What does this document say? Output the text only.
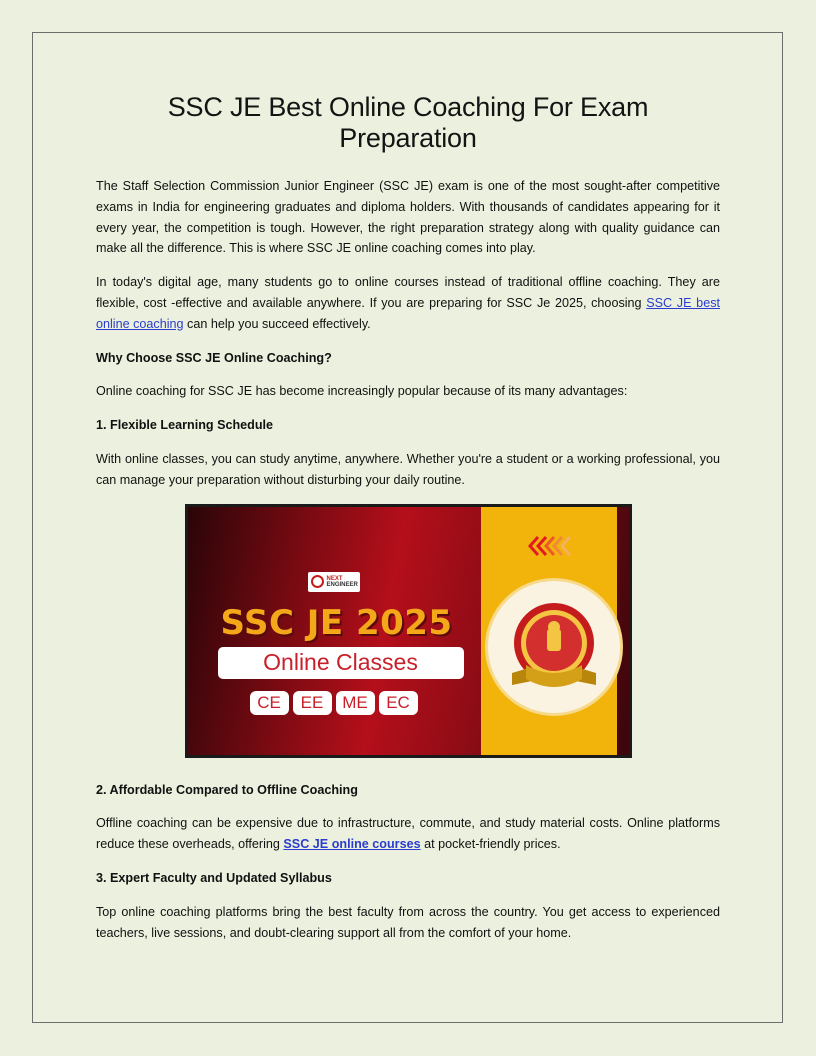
SSC JE Best Online Coaching For Exam Preparation

The Staff Selection Commission Junior Engineer (SSC JE) exam is one of the most sought-after competitive exams in India for engineering graduates and diploma holders. With thousands of candidates appearing for it every year, the competition is tough. However, the right preparation strategy along with quality guidance can make all the difference. This is where SSC JE online coaching comes into play.

In today's digital age, many students go to online courses instead of traditional offline coaching. They are flexible, cost -effective and available anywhere. If you are preparing for SSC Je 2025, choosing SSC JE best online coaching can help you succeed effectively.

Why Choose SSC JE Online Coaching?

Online coaching for SSC JE has become increasingly popular because of its many advantages:

1. Flexible Learning Schedule

With online classes, you can study anytime, anywhere. Whether you're a student or a working professional, you can manage your preparation without disturbing your daily routine.

NEXT
ENGINEER
SSC JE 2025
Online Classes
CE	EE	ME	EC

2. Affordable Compared to Offline Coaching

Offline coaching can be expensive due to infrastructure, commute, and study material costs. Online platforms reduce these overheads, offering SSC JE online courses at pocket-friendly prices.

3. Expert Faculty and Updated Syllabus

Top online coaching platforms bring the best faculty from across the country. You get access to experienced teachers, live sessions, and doubt-clearing support all from the comfort of your home.
